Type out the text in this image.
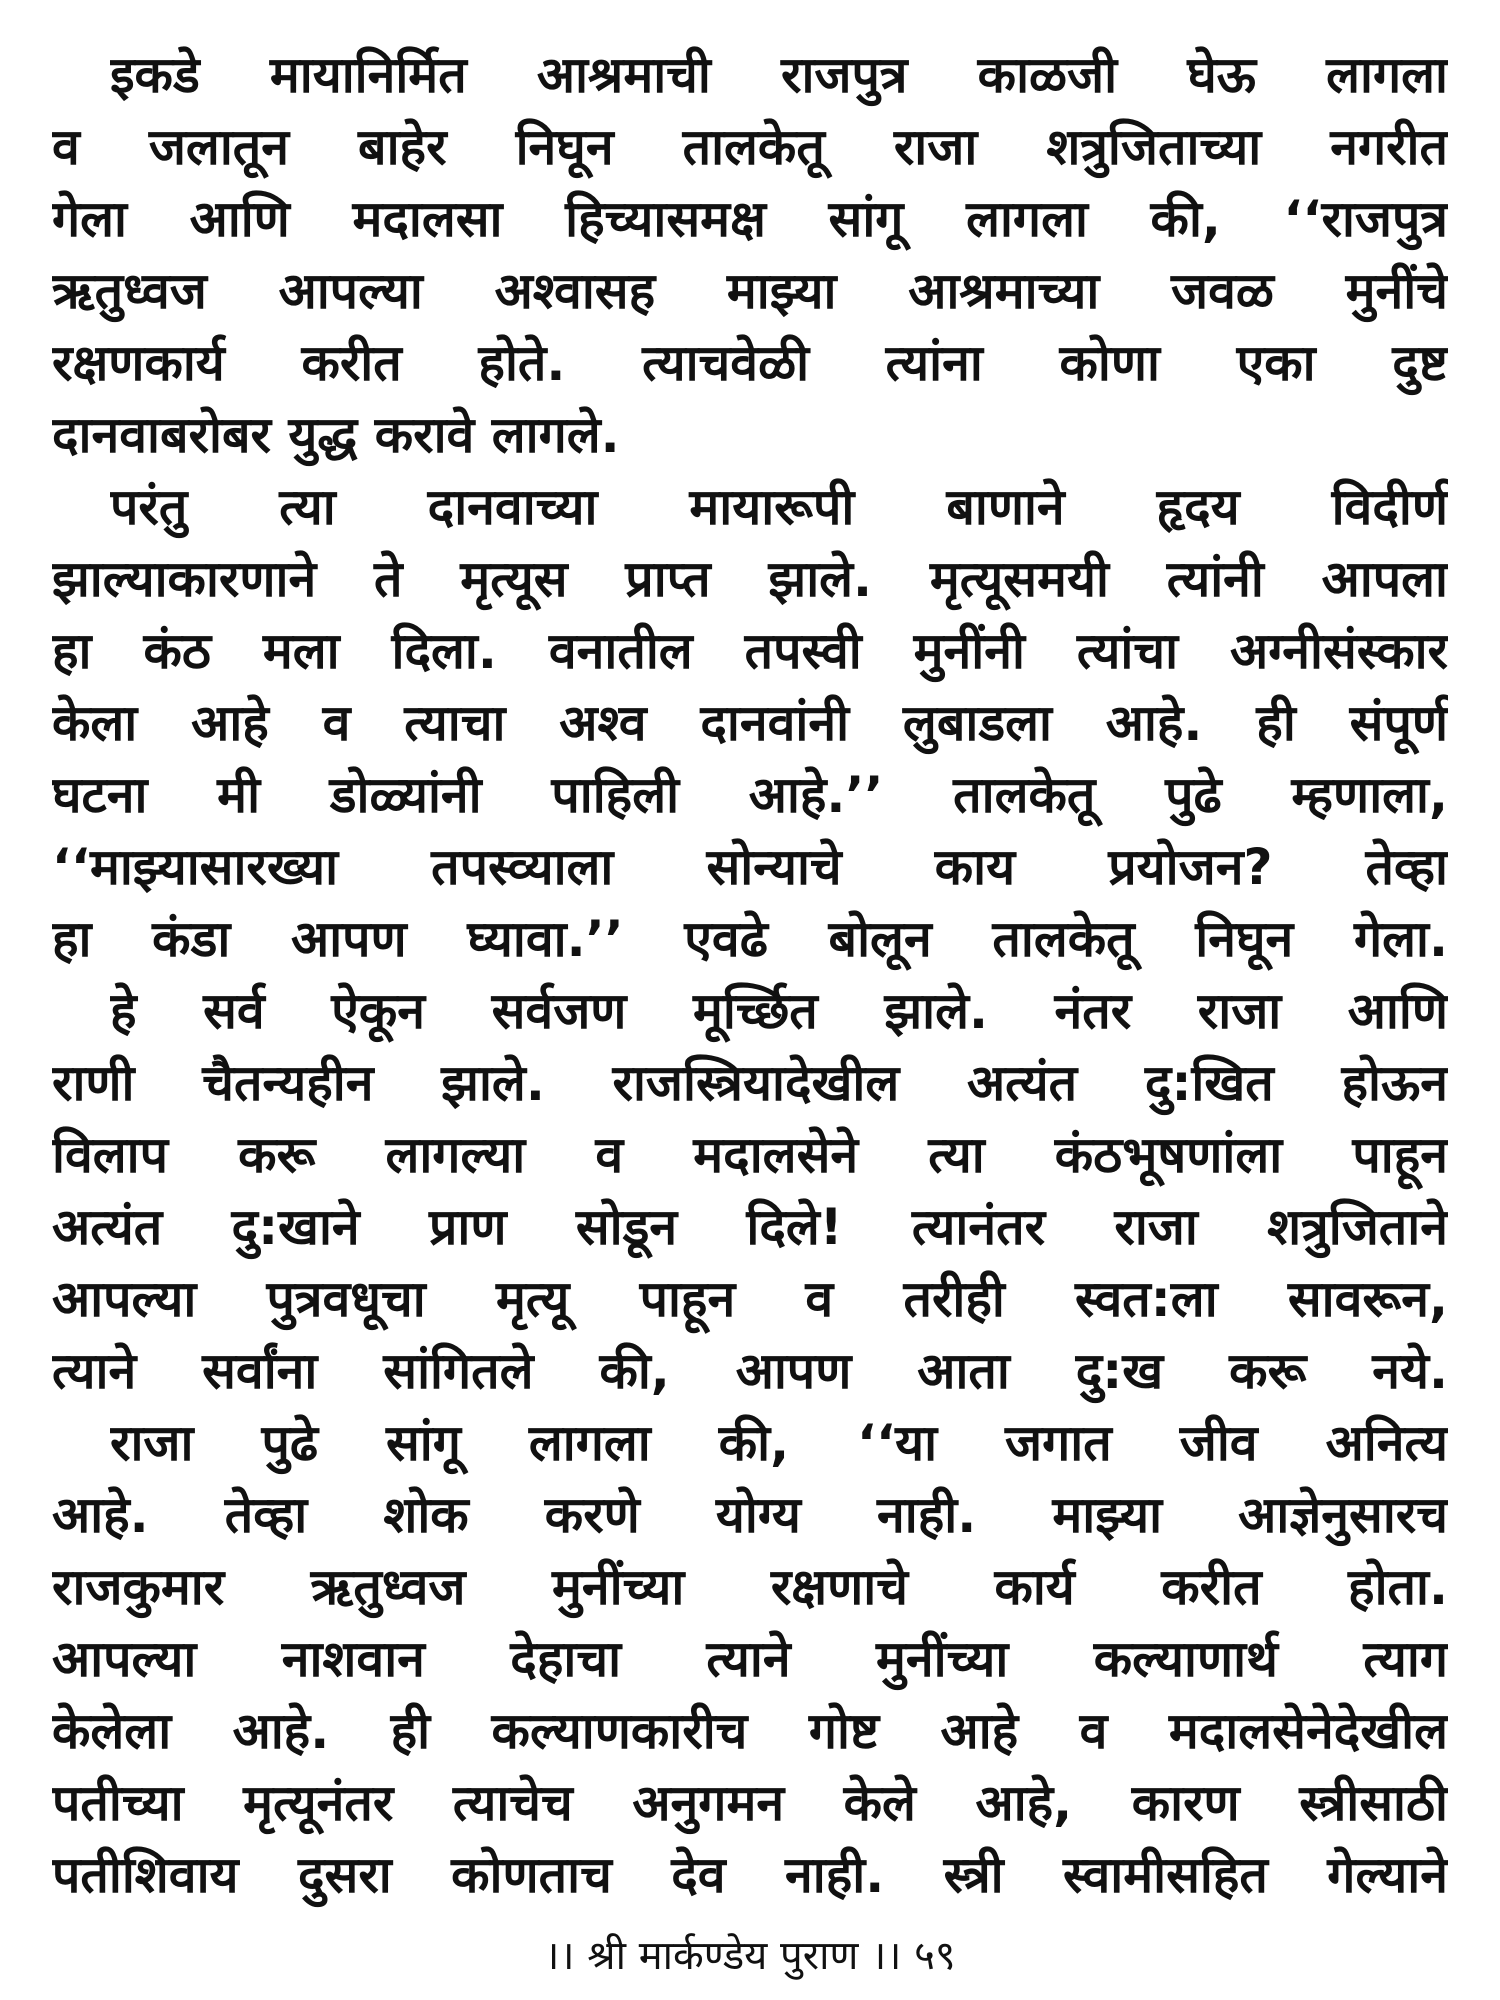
इकडे मायानिर्मित आश्रमाची राजपुत्र काळजी घेऊ लागला
व जलातून बाहेर निघून तालकेतू राजा शत्रुजिताच्या नगरीत
गेला आणि मदालसा हिच्यासमक्ष सांगू लागला की, ‘‘राजपुत्र
ऋतुध्वज आपल्या अश्वासह माझ्या आश्रमाच्या जवळ मुनींचे
रक्षणकार्य करीत होते. त्याचवेळी त्यांना कोणा एका दुष्ट
दानवाबरोबर युद्ध करावे लागले.
परंतु त्या दानवाच्या मायारूपी बाणाने हृदय विदीर्ण
झाल्याकारणाने ते मृत्यूस प्राप्त झाले. मृत्यूसमयी त्यांनी आपला
हा कंठ मला दिला. वनातील तपस्वी मुनींनी त्यांचा अग्नीसंस्कार
केला आहे व त्याचा अश्व दानवांनी लुबाडला आहे. ही संपूर्ण
घटना मी डोळ्यांनी पाहिली आहे.’’ तालकेतू पुढे म्हणाला,
‘‘माझ्यासारख्या तपस्व्याला सोन्याचे काय प्रयोजन? तेव्हा
हा कंडा आपण घ्यावा.’’ एवढे बोलून तालकेतू निघून गेला.
हे सर्व ऐकून सर्वजण मूर्च्छित झाले. नंतर राजा आणि
राणी चैतन्यहीन झाले. राजस्त्रियादेखील अत्यंत दु:खित होऊन
विलाप करू लागल्या व मदालसेने त्या कंठभूषणांला पाहून
अत्यंत दु:खाने प्राण सोडून दिले! त्यानंतर राजा शत्रुजिताने
आपल्या पुत्रवधूचा मृत्यू पाहून व तरीही स्वत:ला सावरून,
त्याने सर्वांना सांगितले की, आपण आता दु:ख करू नये.
राजा पुढे सांगू लागला की, ‘‘या जगात जीव अनित्य
आहे. तेव्हा शोक करणे योग्य नाही. माझ्या आज्ञेनुसारच
राजकुमार ऋतुध्वज मुनींच्या रक्षणाचे कार्य करीत होता.
आपल्या नाशवान देहाचा त्याने मुनींच्या कल्याणार्थ त्याग
केलेला आहे. ही कल्याणकारीच गोष्ट आहे व मदालसेनेदेखील
पतीच्या मृत्यूनंतर त्याचेच अनुगमन केले आहे, कारण स्त्रीसाठी
पतीशिवाय दुसरा कोणताच देव नाही. स्त्री स्वामीसहित गेल्याने
।। श्री मार्कण्डेय पुराण ।। ५९
